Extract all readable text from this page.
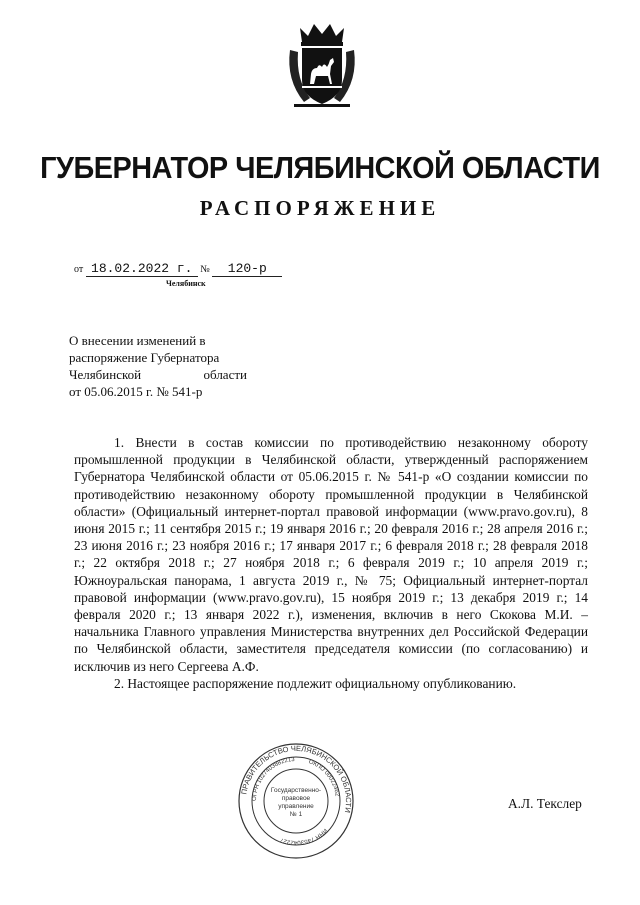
ГУБЕРНАТОР ЧЕЛЯБИНСКОЙ ОБЛАСТИ
РАСПОРЯЖЕНИЕ
от 18.02.2022 г. № 120-р
Челябинск
О внесении изменений в
распоряжение Губернатора
Челябинской	области
от 05.06.2015 г. № 541-р

1. Внести в состав комиссии по противодействию незаконному обороту промышленной продукции в Челябинской области, утвержденный распоряжением Губернатора Челябинской области от 05.06.2015 г. № 541-р «О создании комиссии по противодействию незаконному обороту промышленной продукции в Челябинской области» (Официальный интернет-портал правовой информации (www.pravo.gov.ru), 8 июня 2015 г.; 11 сентября 2015 г.; 19 января 2016 г.; 20 февраля 2016 г.; 28 апреля 2016 г.; 23 июня 2016 г.; 23 ноября 2016 г.; 17 января 2017 г.; 6 февраля 2018 г.; 28 февраля 2018 г.; 22 октября 2018 г.; 27 ноября 2018 г.; 6 февраля 2019 г.; 10 апреля 2019 г.; Южноуральская панорама, 1 августа 2019 г., № 75; Официальный интернет-портал правовой информации (www.pravo.gov.ru), 15 ноября 2019 г.; 13 декабря 2019 г.; 14 февраля 2020 г.; 13 января 2022 г.), изменения, включив в него Скокова М.И. – начальника Главного управления Министерства внутренних дел Российской Федерации по Челябинской области, заместителя председателя комиссии (по согласованию) и исключив из него Сергеева А.Ф.

2. Настоящее распоряжение подлежит официальному опубликованию.

ПРАВИТЕЛЬСТВО ЧЕЛЯБИНСКОЙ ОБЛАСТИ
ОГРН 1027403882213 ОКПО 00022462
ИНН 7453042227
Государственно-
правовое
управление
№ 1
А.Л. Текслер
